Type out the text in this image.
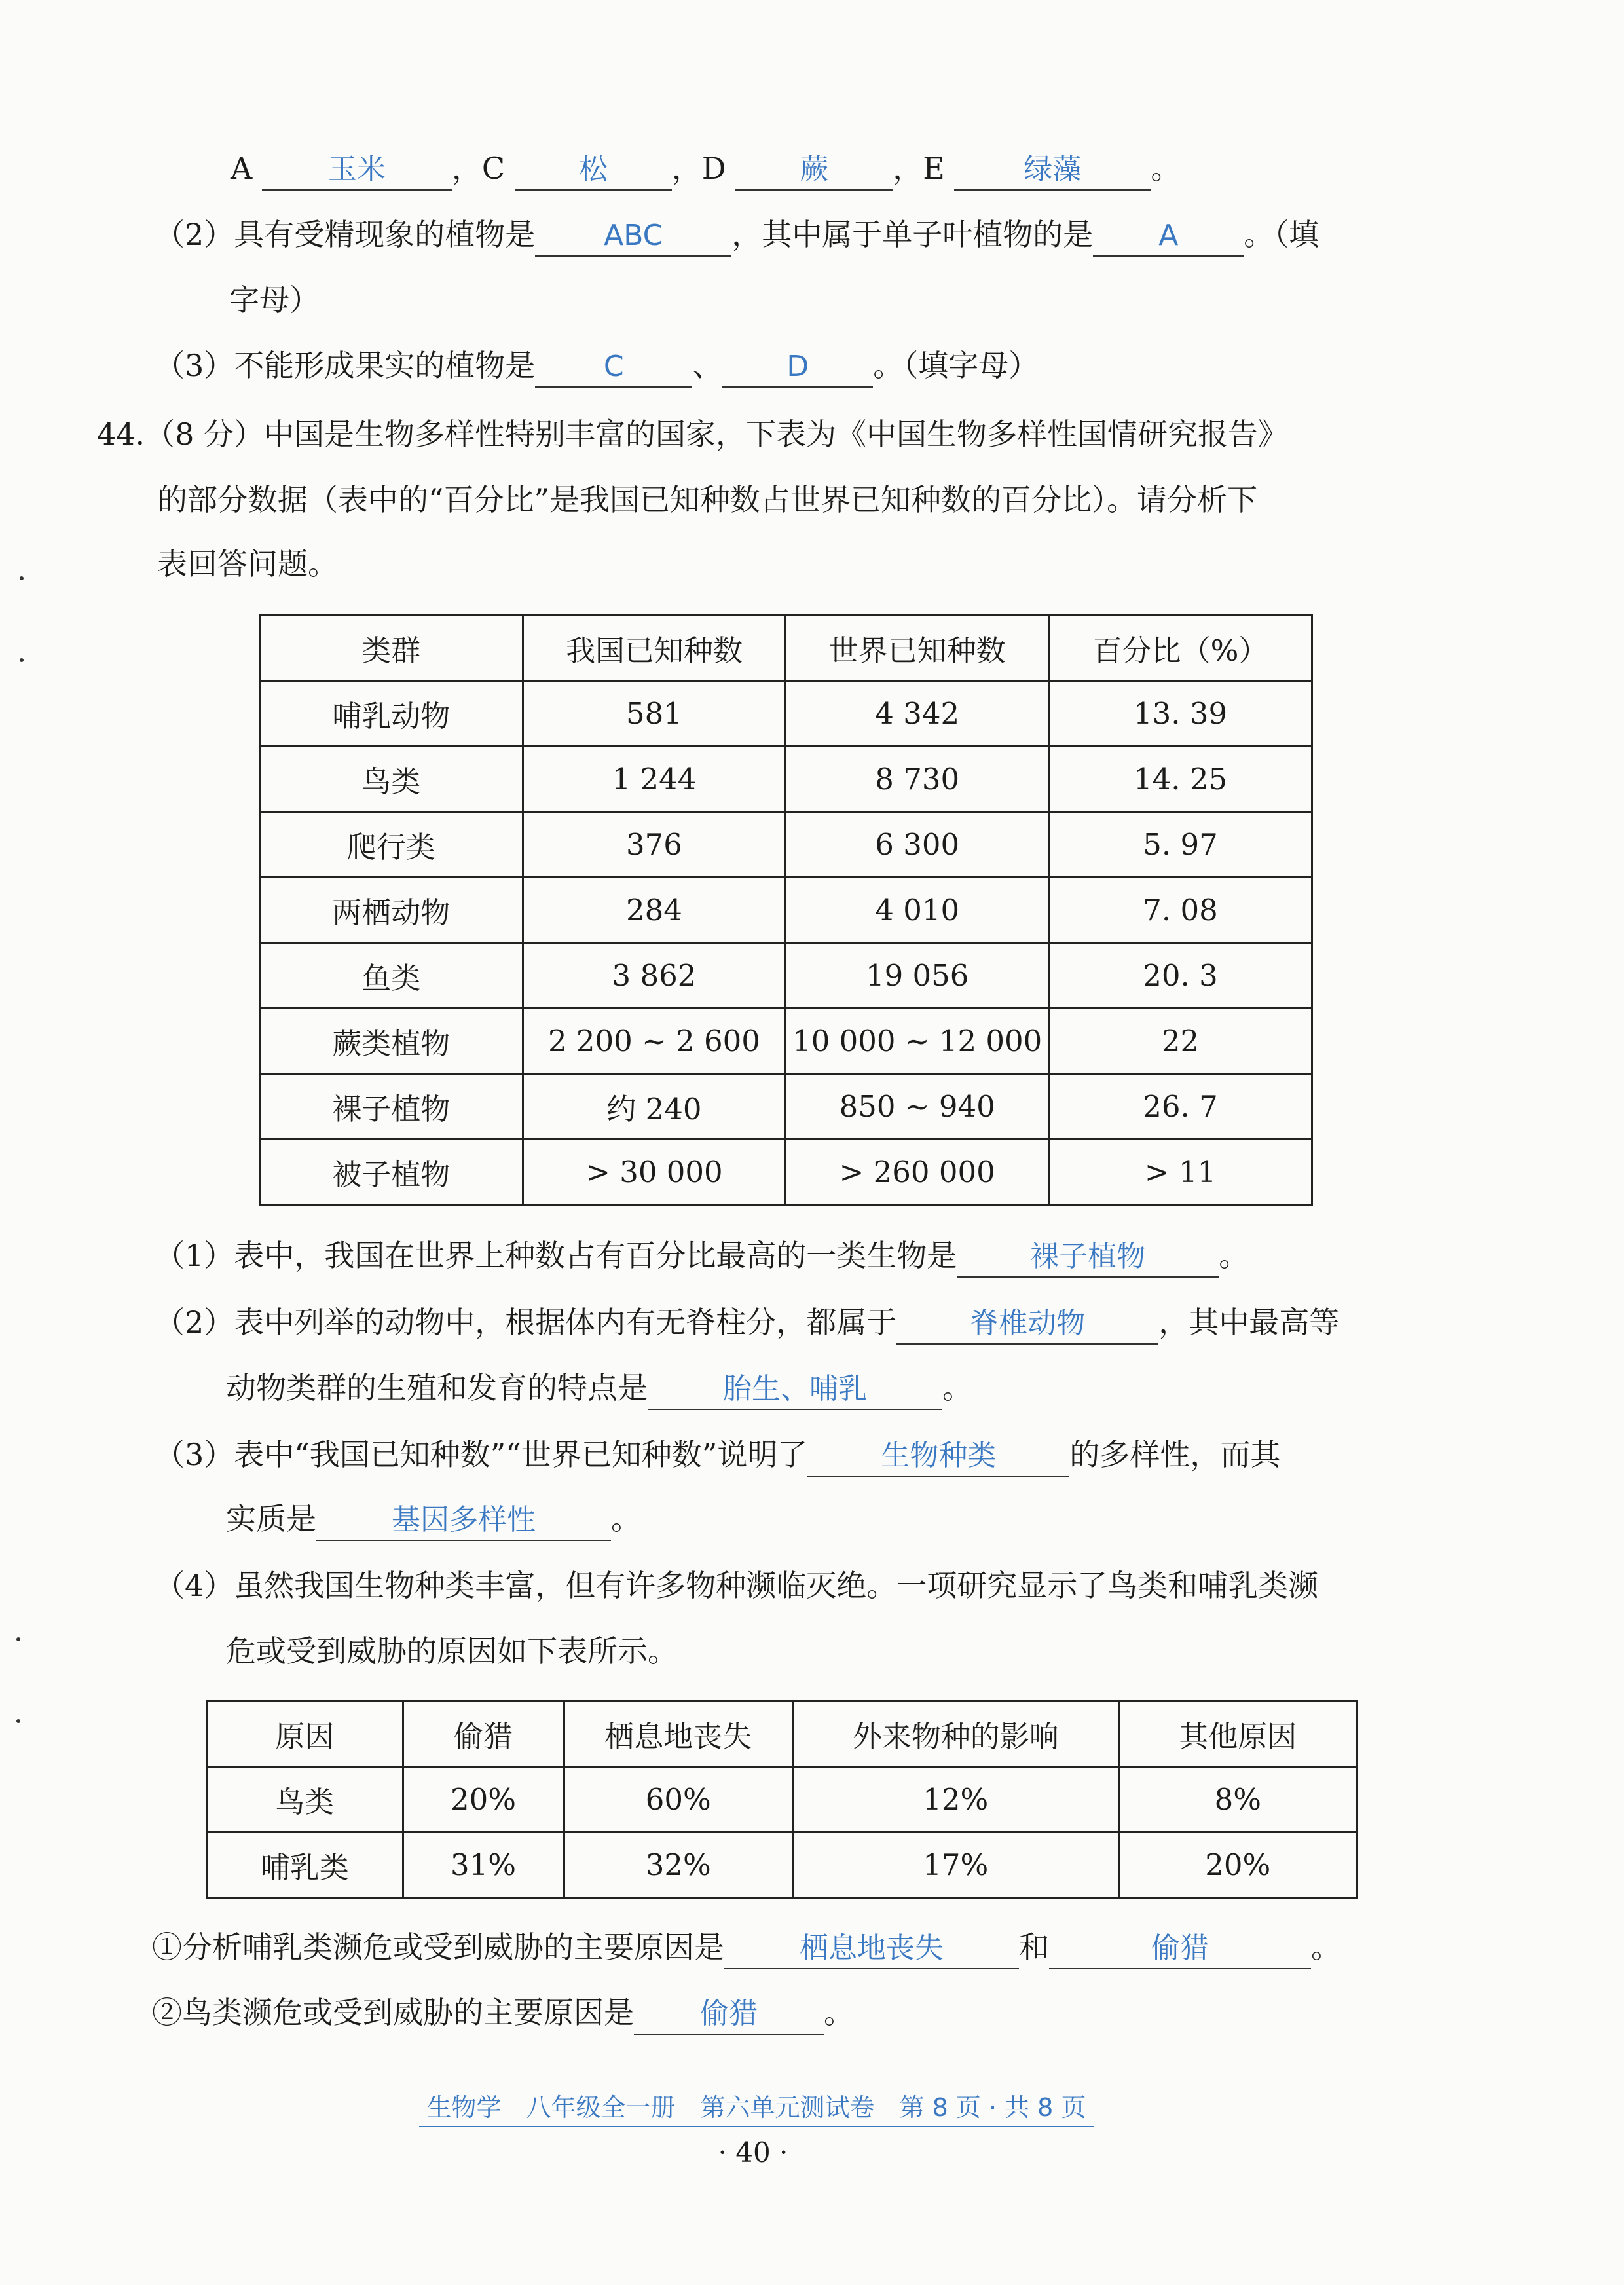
A	玉米 ，C	松 ，D	蕨 ，E	绿藻 。
（2）具有受精现象的植物是 ABC ，其中属于单子叶植物的是 A 。（填
字母）
（3）不能形成果实的植物是 C 、 D 。（填字母）
44.（8 分）中国是生物多样性特别丰富的国家，下表为《中国生物多样性国情研究报告》
的部分数据（表中的“百分比”是我国已知种数占世界已知种数的百分比）。请分析下
表回答问题。
类群	我国已知种数	世界已知种数	百分比（%）
哺乳动物	581	4 342	13. 39
鸟类	1 244	8 730	14. 25
爬行类	376	6 300	5. 97
两栖动物	284	4 010	7. 08
鱼类	3 862	19 056	20. 3
蕨类植物	2 200 ~ 2 600	10 000 ~ 12 000	22
裸子植物	约 240	850 ~ 940	26. 7
被子植物	> 30 000	> 260 000	> 11
（1）表中，我国在世界上种数占有百分比最高的一类生物是	裸子植物 。
（2）表中列举的动物中，根据体内有无脊柱分，都属于	脊椎动物 ，其中最高等
动物类群的生殖和发育的特点是	胎生、哺乳	。
（3）表中“我国已知种数”“世界已知种数”说明了	生物种类 的多样性，而其
实质是	基因多样性	。
（4）虽然我国生物种类丰富，但有许多物种濒临灭绝。一项研究显示了鸟类和哺乳类濒
危或受到威胁的原因如下表所示。
原因	偷猎	栖息地丧失	外来物种的影响	其他原因
鸟类	20%	60%	12%	8%
哺乳类	31%	32%	17%	20%
①分析哺乳类濒危或受到威胁的主要原因是	栖息地丧失	和	偷猎	。
②鸟类濒危或受到威胁的主要原因是 偷猎 。
生物学　八年级全一册　第六单元测试卷　第 8 页 · 共 8 页
· 40 ·
